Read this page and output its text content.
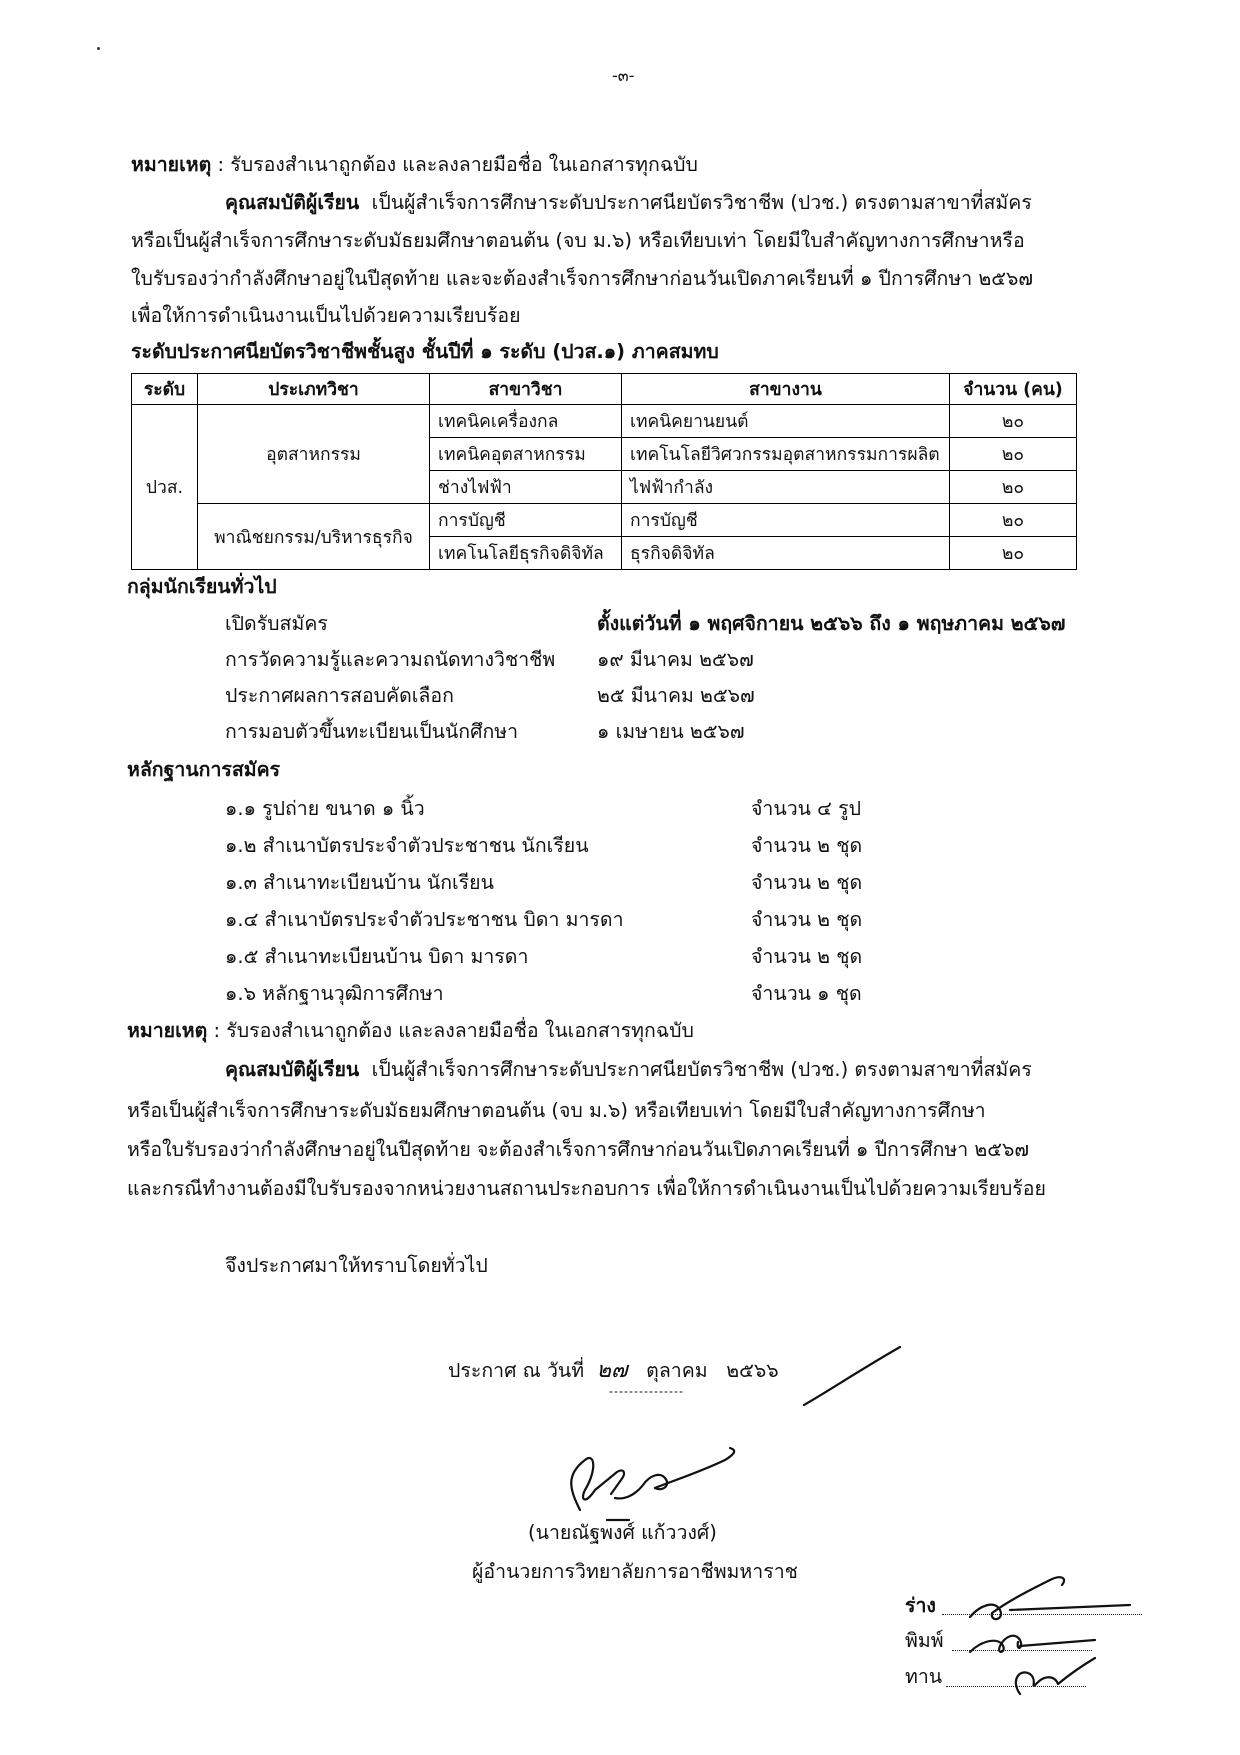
-๓-
หมายเหตุ : รับรองสำเนาถูกต้อง และลงลายมือชื่อ ในเอกสารทุกฉบับ
คุณสมบัติผู้เรียน เป็นผู้สำเร็จการศึกษาระดับประกาศนียบัตรวิชาชีพ (ปวช.) ตรงตามสาขาที่สมัคร
หรือเป็นผู้สำเร็จการศึกษาระดับมัธยมศึกษาตอนต้น (จบ ม.๖) หรือเทียบเท่า โดยมีใบสำคัญทางการศึกษาหรือ
ใบรับรองว่ากำลังศึกษาอยู่ในปีสุดท้าย และจะต้องสำเร็จการศึกษาก่อนวันเปิดภาคเรียนที่ ๑ ปีการศึกษา ๒๕๖๗
เพื่อให้การดำเนินงานเป็นไปด้วยความเรียบร้อย
ระดับประกาศนียบัตรวิชาชีพชั้นสูง ชั้นปีที่ ๑ ระดับ (ปวส.๑) ภาคสมทบ
ระดับ	ประเภทวิชา	สาขาวิชา	สาขางาน	จำนวน (คน)
ปวส.	อุตสาหกรรม	เทคนิคเครื่องกล	เทคนิคยานยนต์	๒๐
		เทคนิคอุตสาหกรรม	เทคโนโลยีวิศวกรรมอุตสาหกรรมการผลิต	๒๐
		ช่างไฟฟ้า	ไฟฟ้ากำลัง	๒๐
	พาณิชยกรรม/บริหารธุรกิจ	การบัญชี	การบัญชี	๒๐
		เทคโนโลยีธุรกิจดิจิทัล	ธุรกิจดิจิทัล	๒๐
กลุ่มนักเรียนทั่วไป
เปิดรับสมัคร	ตั้งแต่วันที่ ๑ พฤศจิกายน ๒๕๖๖ ถึง ๑ พฤษภาคม ๒๕๖๗
การวัดความรู้และความถนัดทางวิชาชีพ ๑๙ มีนาคม ๒๕๖๗
ประกาศผลการสอบคัดเลือก	๒๕ มีนาคม ๒๕๖๗
การมอบตัวขึ้นทะเบียนเป็นนักศึกษา	๑ เมษายน ๒๕๖๗
หลักฐานการสมัคร
๑.๑ รูปถ่าย ขนาด ๑ นิ้ว	จำนวน ๔ รูป
๑.๒ สำเนาบัตรประจำตัวประชาชน นักเรียน	จำนวน ๒ ชุด
๑.๓ สำเนาทะเบียนบ้าน นักเรียน	จำนวน ๒ ชุด
๑.๔ สำเนาบัตรประจำตัวประชาชน บิดา มารดา	จำนวน ๒ ชุด
๑.๕ สำเนาทะเบียนบ้าน บิดา มารดา	จำนวน ๒ ชุด
๑.๖ หลักฐานวุฒิการศึกษา	จำนวน ๑ ชุด
หมายเหตุ : รับรองสำเนาถูกต้อง และลงลายมือชื่อ ในเอกสารทุกฉบับ
คุณสมบัติผู้เรียน เป็นผู้สำเร็จการศึกษาระดับประกาศนียบัตรวิชาชีพ (ปวช.) ตรงตามสาขาที่สมัคร
หรือเป็นผู้สำเร็จการศึกษาระดับมัธยมศึกษาตอนต้น (จบ ม.๖) หรือเทียบเท่า โดยมีใบสำคัญทางการศึกษา
หรือใบรับรองว่ากำลังศึกษาอยู่ในปีสุดท้าย จะต้องสำเร็จการศึกษาก่อนวันเปิดภาคเรียนที่ ๑ ปีการศึกษา ๒๕๖๗
และกรณีทำงานต้องมีใบรับรองจากหน่วยงานสถานประกอบการ เพื่อให้การดำเนินงานเป็นไปด้วยความเรียบร้อย
จึงประกาศมาให้ทราบโดยทั่วไป
ประกาศ ณ วันที่ ๒๗ ตุลาคม ๒๕๖๖
(นายณัฐพงศ์ แก้ววงศ์)
ผู้อำนวยการวิทยาลัยการอาชีพมหาราช
ร่าง
พิมพ์
ทาน
